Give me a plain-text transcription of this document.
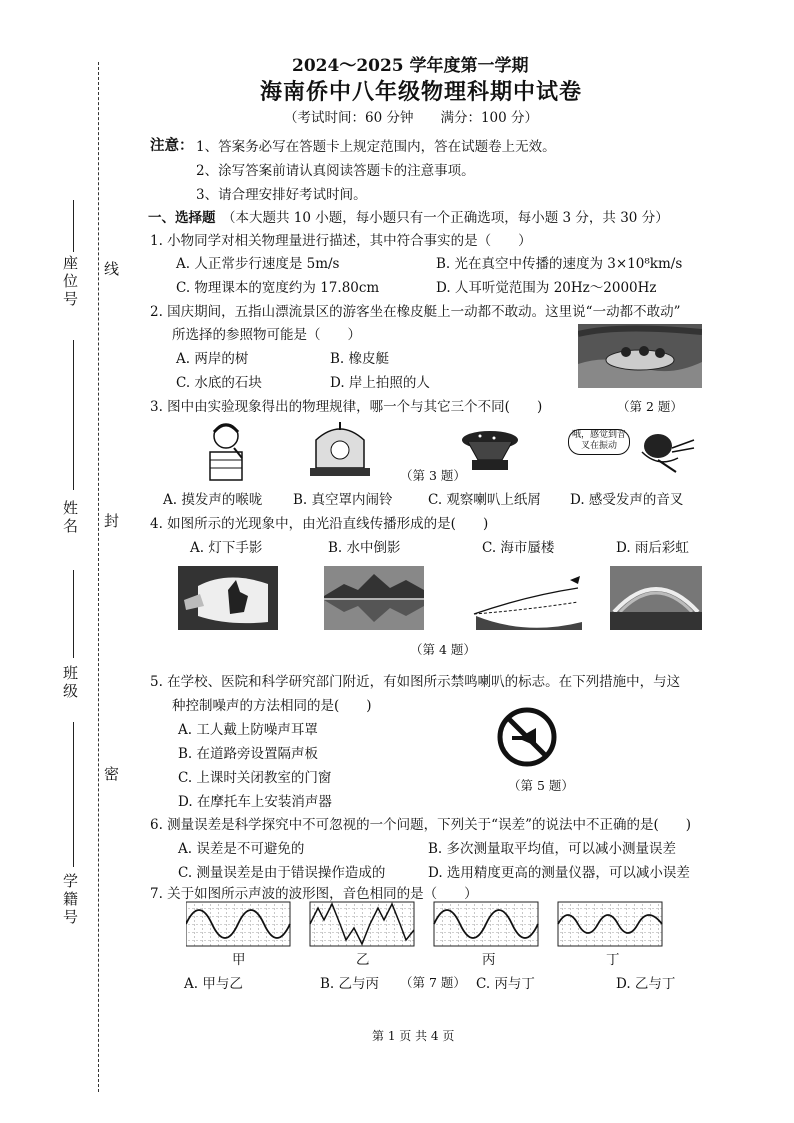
线
封
密
座位号
姓名
班级
学籍号
2024～2025 学年度第一学期
海南侨中八年级物理科期中试卷
（考试时间：60 分钟　　满分：100 分）
注意： 1、答案务必写在答题卡上规定范围内，答在试题卷上无效。
2、涂写答案前请认真阅读答题卡的注意事项。
3、请合理安排好考试时间。
一、选择题 （本大题共 10 小题，每小题只有一个正确选项，每小题 3 分，共 30 分）
1. 小物同学对相关物理量进行描述，其中符合事实的是（　　）
A. 人正常步行速度是 5m/s	B. 光在真空中传播的速度为 3×10⁸km/s
C. 物理课本的宽度约为 17.80cm	D. 人耳听觉范围为 20Hz～2000Hz
2. 国庆期间，五指山漂流景区的游客坐在橡皮艇上一动都不敢动。这里说“一动都不敢动”
所选择的参照物可能是（　　）
A. 两岸的树	B. 橡皮艇
C. 水底的石块	D. 岸上拍照的人
（第 2 题）
3. 图中由实验现象得出的物理规律，哪一个与其它三个不同(　　)
哦，感觉到音叉在振动
（第 3 题）
A. 摸发声的喉咙 B. 真空罩内闹铃	C. 观察喇叭上纸屑 D. 感受发声的音叉
4. 如图所示的光现象中，由光沿直线传播形成的是(　　)
A. 灯下手影	B. 水中倒影	C. 海市蜃楼	D. 雨后彩虹
（第 4 题）
5. 在学校、医院和科学研究部门附近，有如图所示禁鸣喇叭的标志。在下列措施中，与这
种控制噪声的方法相同的是(　　)
A. 工人戴上防噪声耳罩
B. 在道路旁设置隔声板
C. 上课时关闭教室的门窗
D. 在摩托车上安装消声器
（第 5 题）
6. 测量误差是科学探究中不可忽视的一个问题，下列关于“误差”的说法中不正确的是(　　)
A. 误差是不可避免的	B. 多次测量取平均值，可以减小测量误差
C. 测量误差是由于错误操作造成的	D. 选用精度更高的测量仪器，可以减小误差
7. 关于如图所示声波的波形图，音色相同的是（　　）
甲	乙	丙	丁
A. 甲与乙	B. 乙与丙 （第 7 题） C. 丙与丁	D. 乙与丁
第 1 页 共 4 页
